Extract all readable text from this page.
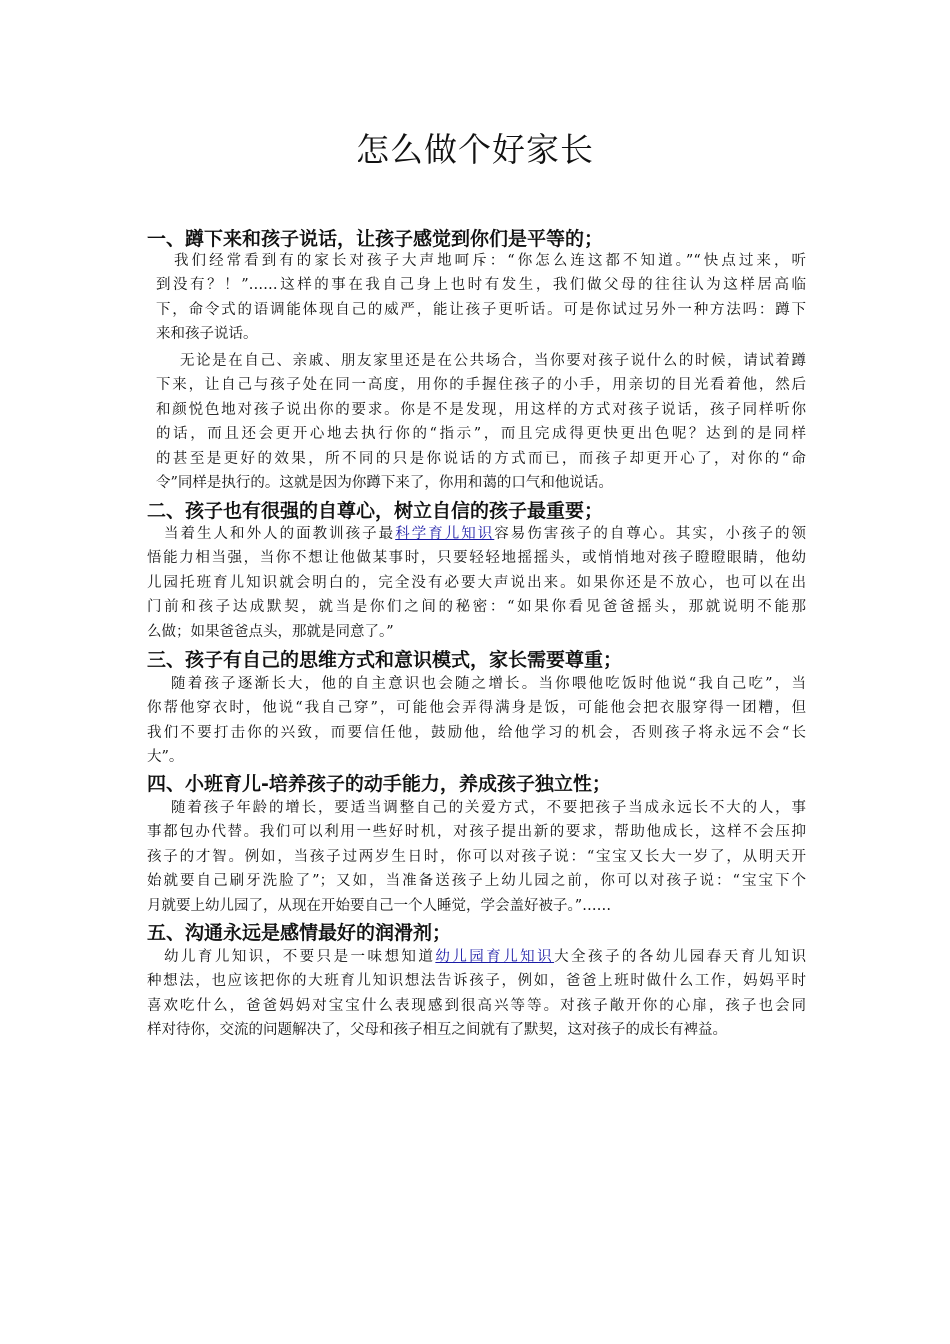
怎么做个好家长
一、蹲下来和孩子说话，让孩子感觉到你们是平等的；
我们经常看到有的家长对孩子大声地呵斥：“你怎么连这都不知道。”“快点过来，听
到没有？！”……这样的事在我自己身上也时有发生，我们做父母的往往认为这样居高临
下，命令式的语调能体现自己的威严，能让孩子更听话。可是你试过另外一种方法吗：蹲下
来和孩子说话。
无论是在自己、亲戚、朋友家里还是在公共场合，当你要对孩子说什么的时候，请试着蹲
下来，让自己与孩子处在同一高度，用你的手握住孩子的小手，用亲切的目光看着他，然后
和颜悦色地对孩子说出你的要求。你是不是发现，用这样的方式对孩子说话，孩子同样听你
的话，而且还会更开心地去执行你的“指示”，而且完成得更快更出色呢？达到的是同样
的甚至是更好的效果，所不同的只是你说话的方式而已，而孩子却更开心了，对你的“命
令”同样是执行的。这就是因为你蹲下来了，你用和蔼的口气和他说话。
二、孩子也有很强的自尊心，树立自信的孩子最重要；
当着生人和外人的面教训孩子最科学育儿知识容易伤害孩子的自尊心。其实，小孩子的领
悟能力相当强，当你不想让他做某事时，只要轻轻地摇摇头，或悄悄地对孩子瞪瞪眼睛，他幼
儿园托班育儿知识就会明白的，完全没有必要大声说出来。如果你还是不放心，也可以在出
门前和孩子达成默契，就当是你们之间的秘密：“如果你看见爸爸摇头，那就说明不能那
么做；如果爸爸点头，那就是同意了。”
三、孩子有自己的思维方式和意识模式，家长需要尊重；
随着孩子逐渐长大，他的自主意识也会随之增长。当你喂他吃饭时他说“我自己吃”，当
你帮他穿衣时，他说“我自己穿”，可能他会弄得满身是饭，可能他会把衣服穿得一团糟，但
我们不要打击你的兴致，而要信任他，鼓励他，给他学习的机会，否则孩子将永远不会“长
大”。
四、小班育儿-培养孩子的动手能力，养成孩子独立性；
随着孩子年龄的增长，要适当调整自己的关爱方式，不要把孩子当成永远长不大的人，事
事都包办代替。我们可以利用一些好时机，对孩子提出新的要求，帮助他成长，这样不会压抑
孩子的才智。例如，当孩子过两岁生日时，你可以对孩子说：“宝宝又长大一岁了，从明天开
始就要自己刷牙洗脸了”；又如，当准备送孩子上幼儿园之前，你可以对孩子说：“宝宝下个
月就要上幼儿园了，从现在开始要自己一个人睡觉，学会盖好被子。”……
五、沟通永远是感情最好的润滑剂；
幼儿育儿知识，不要只是一味想知道幼儿园育儿知识大全孩子的各幼儿园春天育儿知识
种想法，也应该把你的大班育儿知识想法告诉孩子，例如，爸爸上班时做什么工作，妈妈平时
喜欢吃什么，爸爸妈妈对宝宝什么表现感到很高兴等等。对孩子敞开你的心扉，孩子也会同
样对待你，交流的问题解决了，父母和孩子相互之间就有了默契，这对孩子的成长有裨益。
